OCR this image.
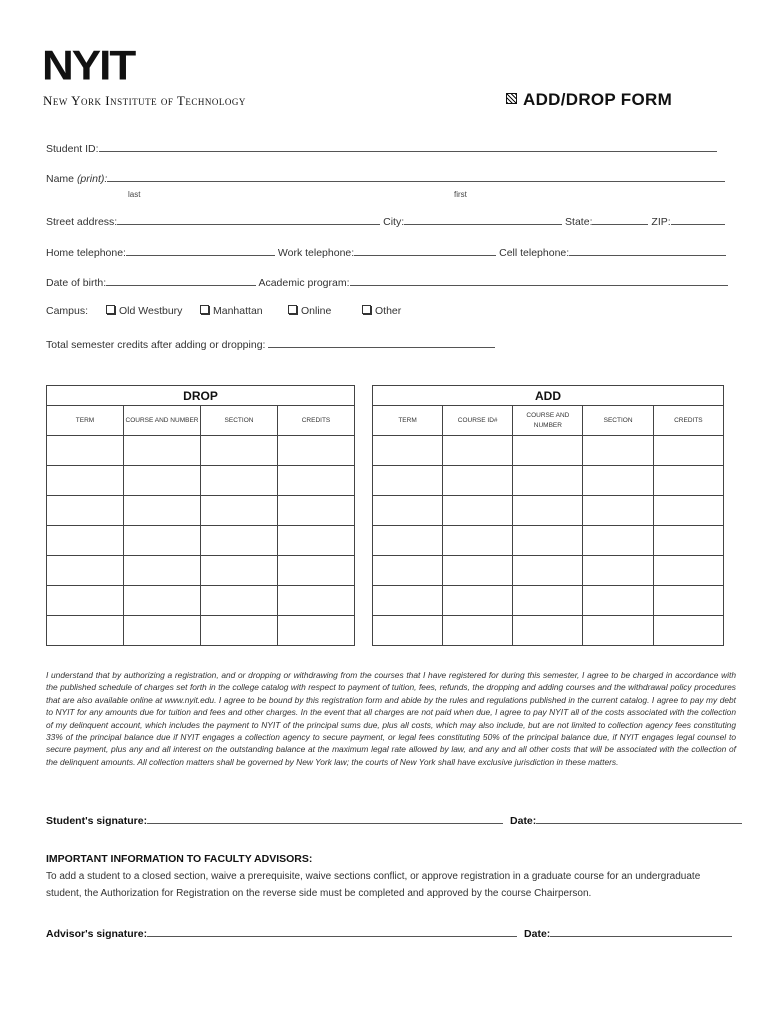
NYIT
New York Institute of Technology	ADD/DROP FORM
Student ID:
Name (print):
last	first
Street address:	City:	State:	ZIP:
Home telephone:	Work telephone:	Cell telephone:
Date of birth:	Academic program:
Campus:	Old Westbury	Manhattan	Online	Other
Total semester credits after adding or dropping:
DROP			
TERM	COURSE AND NUMBER	SECTION	CREDITS

ADD				
TERM	COURSE ID#	COURSE AND NUMBER	SECTION	CREDITS

I understand that by authorizing a registration, and or dropping or withdrawing from the courses that I have registered for during this semester, I agree to be charged in accordance with the published schedule of charges set forth in the college catalog with respect to payment of tuition, fees, refunds, the dropping and adding courses and the withdrawal policy procedures that are also available online at www.nyit.edu. I agree to be bound by this registration form and abide by the rules and regulations published in the current catalog. I agree to pay my debt to NYIT for any amounts due for tuition and fees and other charges. In the event that all charges are not paid when due, I agree to pay NYIT all of the costs associated with the collection of my delinquent account, which includes the payment to NYIT of the principal sums due, plus all costs, which may also include, but are not limited to collection agency fees constituting 33% of the principal balance due if NYIT engages a collection agency to secure payment, or legal fees constituting 50% of the principal balance due, if NYIT engages legal counsel to secure payment, plus any and all interest on the outstanding balance at the maximum legal rate allowed by law, and any and all other costs that will be associated with the collection of the delinquent amounts. All collection matters shall be governed by New York law; the courts of New York shall have exclusive jurisdiction in these matters.
Student's signature:	Date:
IMPORTANT INFORMATION TO FACULTY ADVISORS:
To add a student to a closed section, waive a prerequisite, waive sections conflict, or approve registration in a graduate course for an undergraduate student, the Authorization for Registration on the reverse side must be completed and approved by the course Chairperson.
Advisor's signature:	Date:
